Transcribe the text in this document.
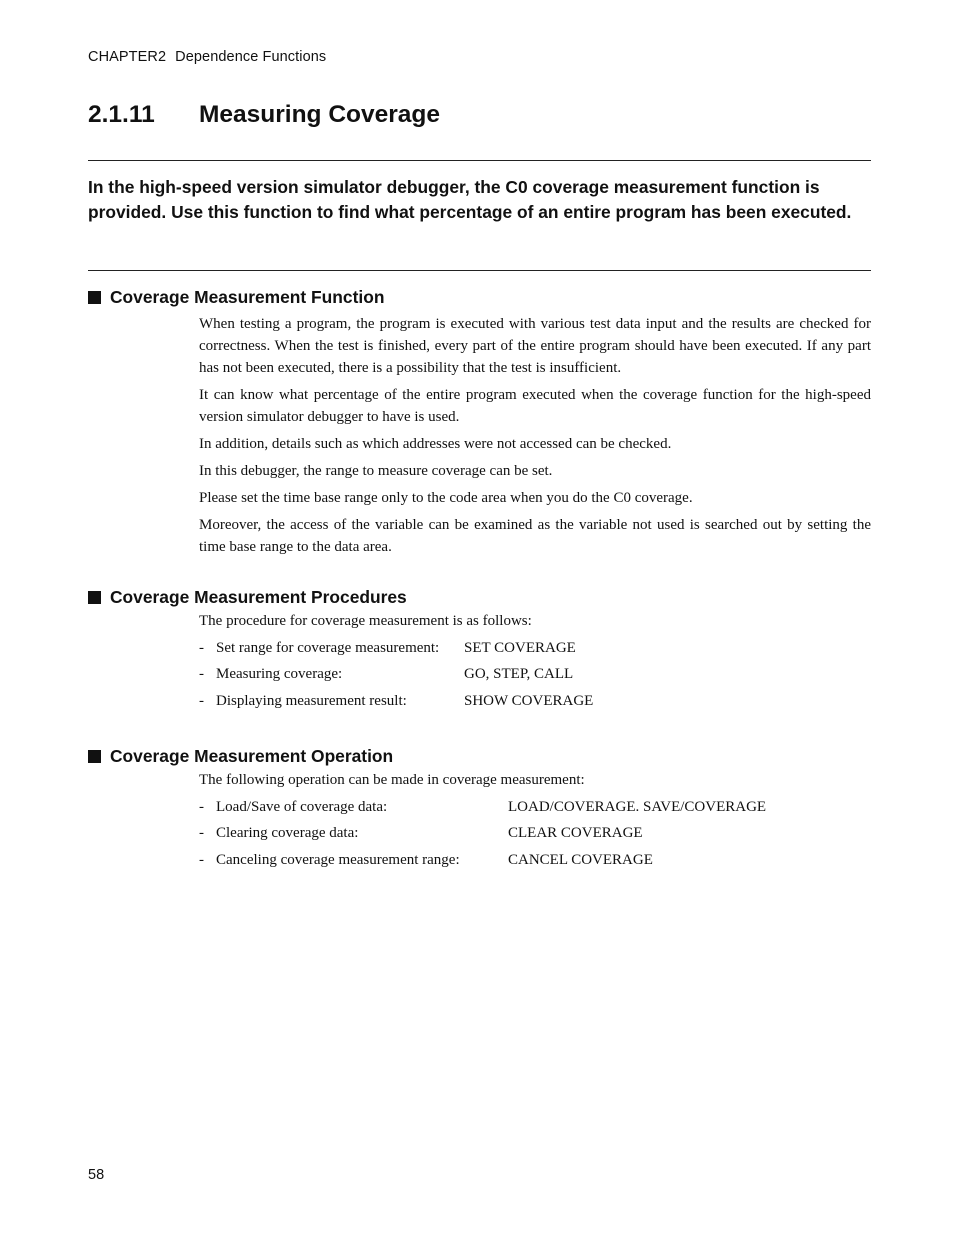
CHAPTER2 Dependence Functions
2.1.11 Measuring Coverage
In the high-speed version simulator debugger, the C0 coverage measurement function is provided. Use this function to find what percentage of an entire program has been executed.
Coverage Measurement Function

When testing a program, the program is executed with various test data input and the results are checked for correctness. When the test is finished, every part of the entire program should have been executed. If any part has not been executed, there is a possibility that the test is insufficient.

It can know what percentage of the entire program executed when the coverage function for the high-speed version simulator debugger to have is used.

In addition, details such as which addresses were not accessed can be checked.

In this debugger, the range to measure coverage can be set.

Please set the time base range only to the code area when you do the C0 coverage.

Moreover, the access of the variable can be examined as the variable not used is searched out by setting the time base range to the data area.

Coverage Measurement Procedures
The procedure for coverage measurement is as follows:
- Set range for coverage measurement: SET COVERAGE
- Measuring coverage:	GO, STEP, CALL
- Displaying measurement result:	SHOW COVERAGE
Coverage Measurement Operation
The following operation can be made in coverage measurement:
- Load/Save of coverage data:	LOAD/COVERAGE. SAVE/COVERAGE
- Clearing coverage data:	CLEAR COVERAGE
- Canceling coverage measurement range:	CANCEL COVERAGE
58
